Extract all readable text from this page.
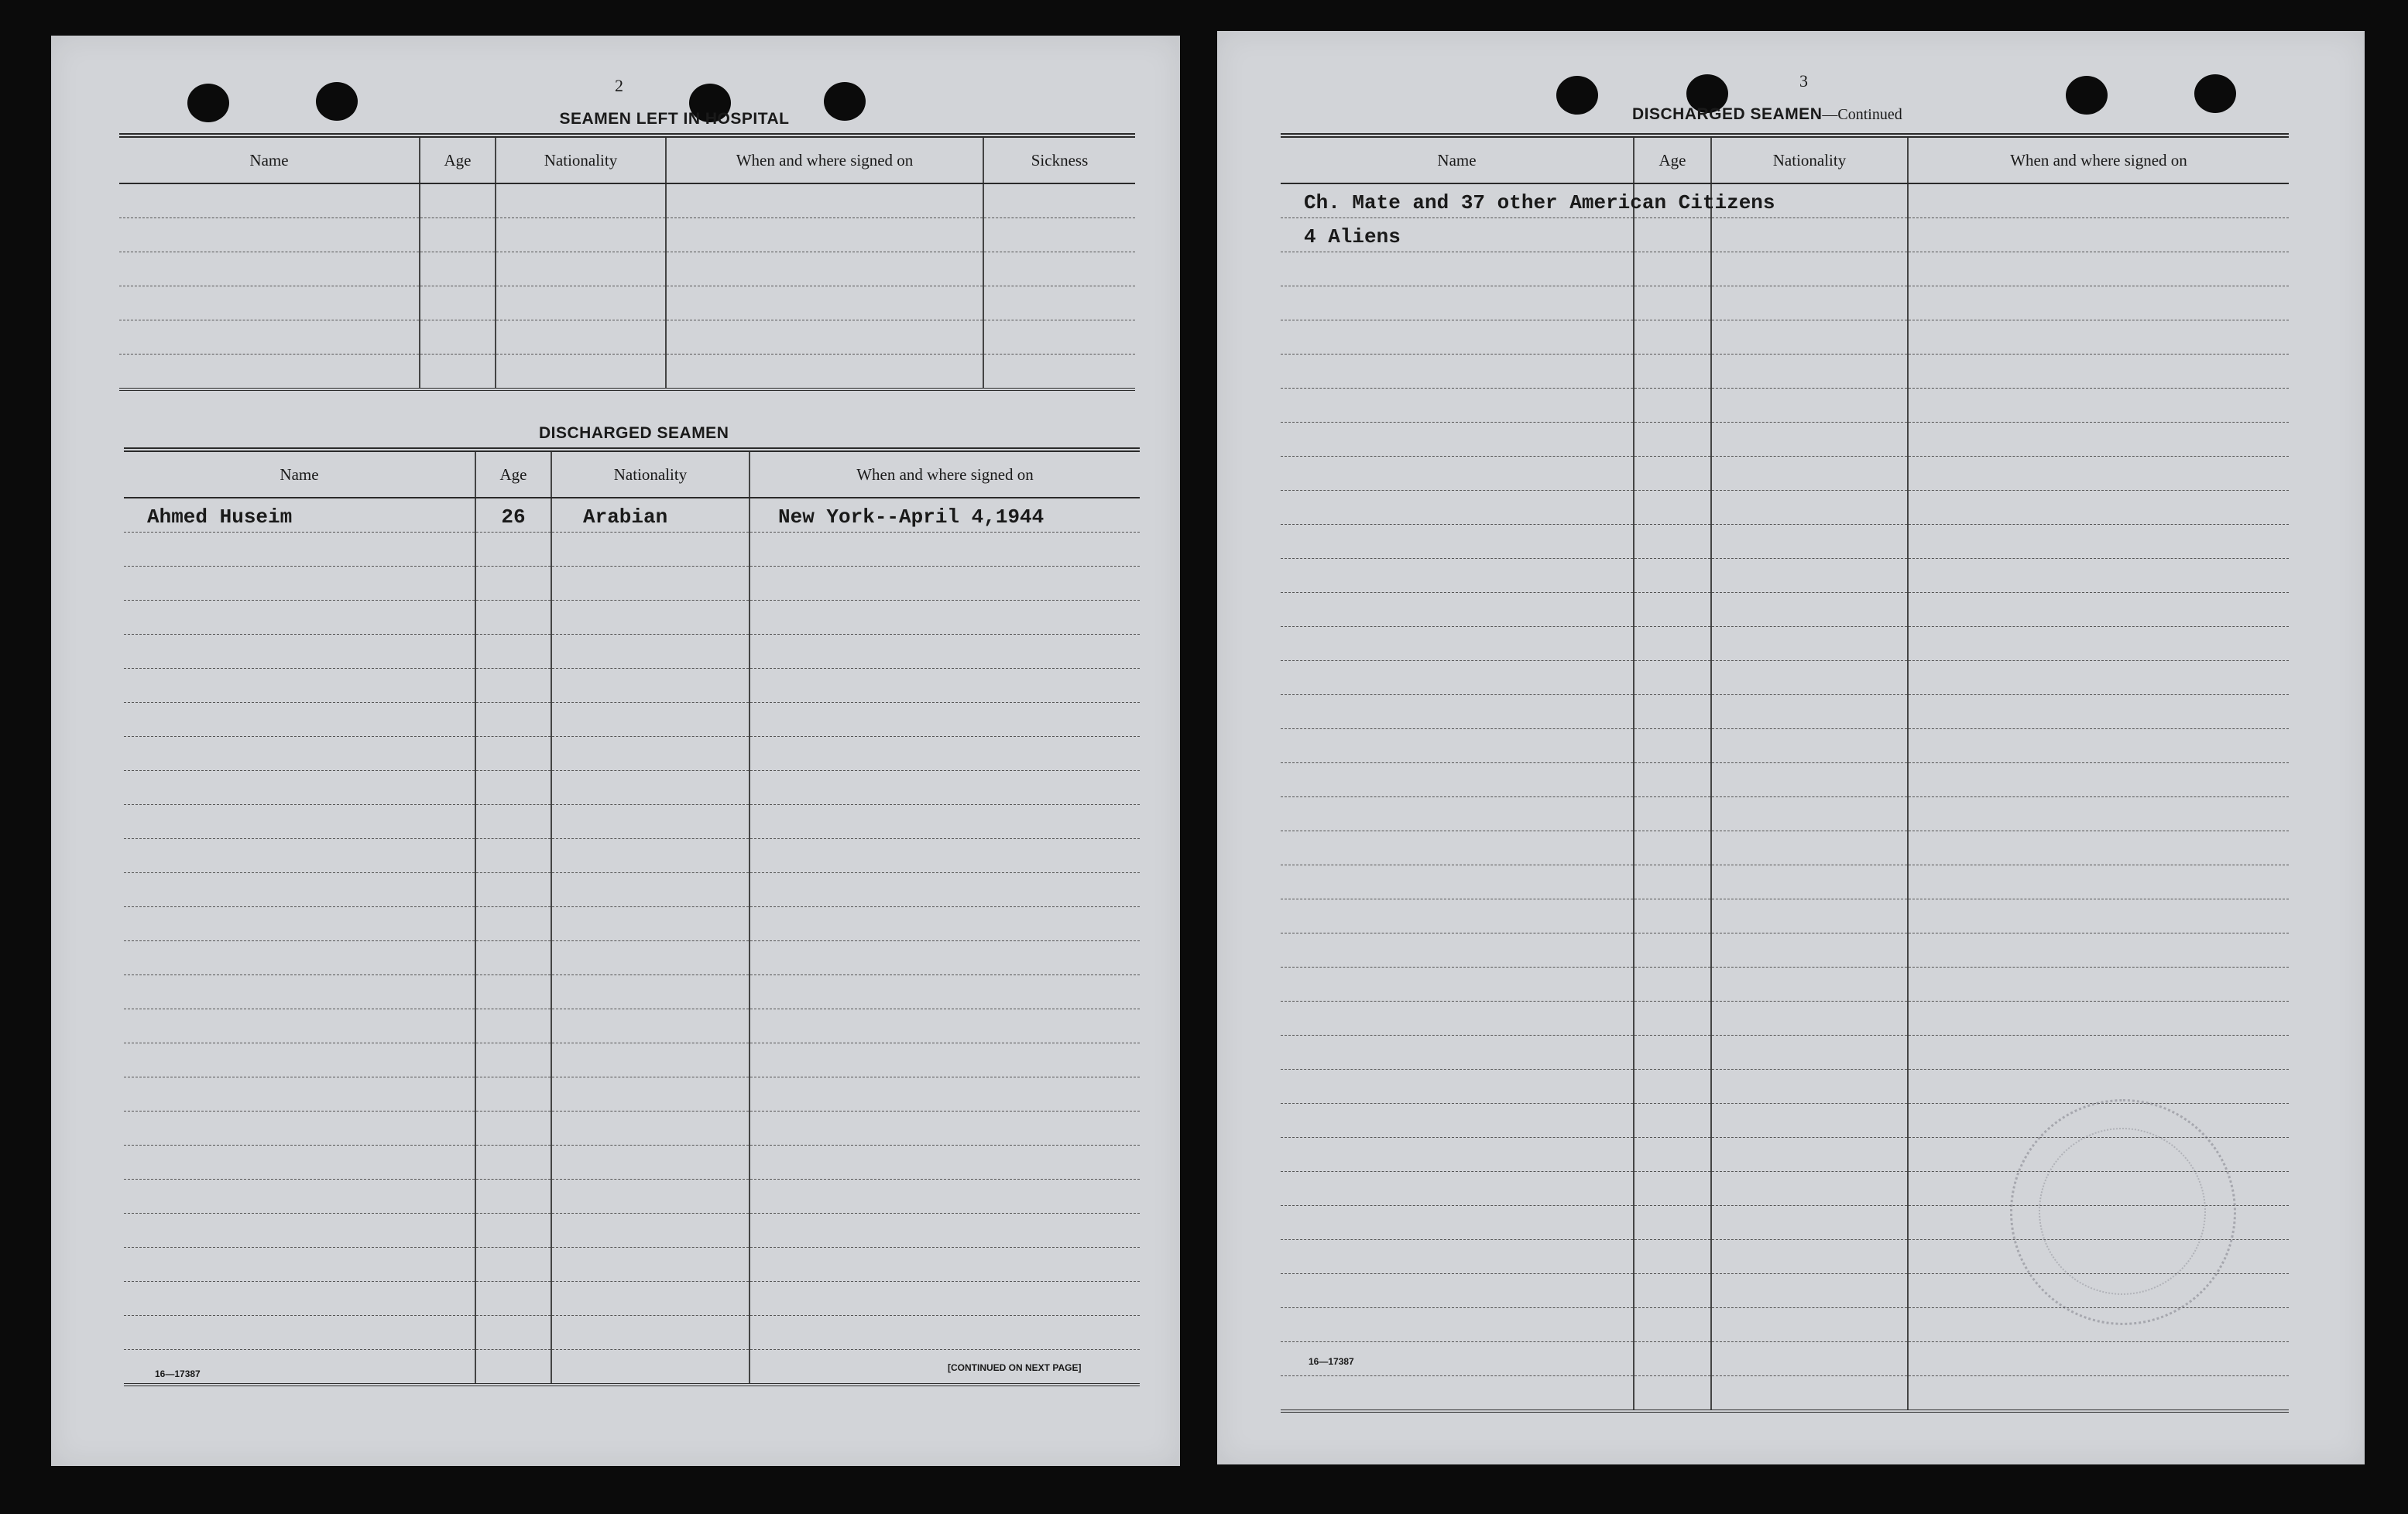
2
SEAMEN LEFT IN HOSPITAL
Name	Age	Nationality	When and where signed on	Sickness

DISCHARGED SEAMEN
Name	Age	Nationality	When and where signed on
Ahmed Huseim	26	Arabian	New York--April 4,1944

16—17387
[CONTINUED ON NEXT PAGE]
3
DISCHARGED SEAMEN—Continued
Name	Age	Nationality	When and where signed on
Ch. Mate and 37 other American Citizens			
4 Aliens			

16—17387
